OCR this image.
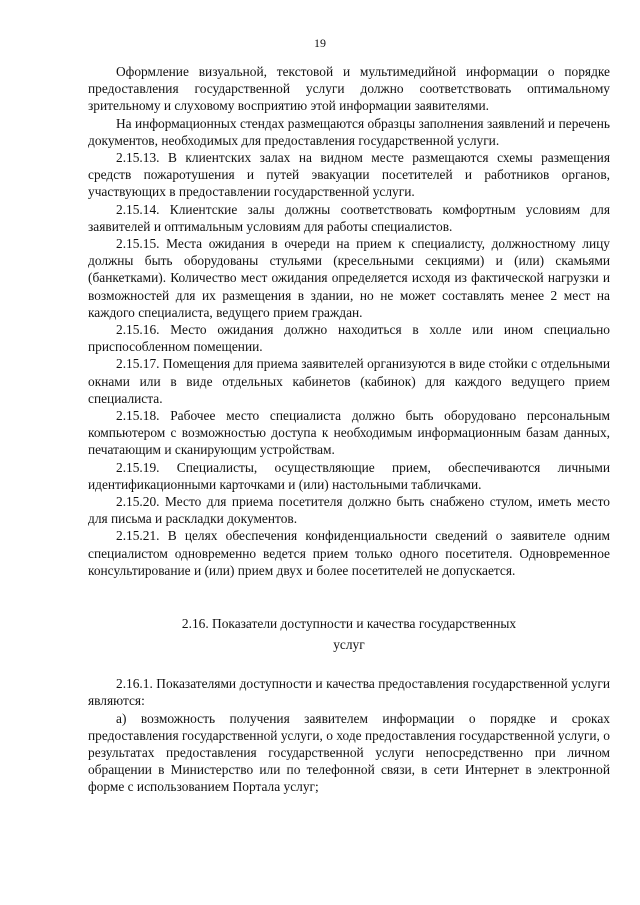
19

Оформление визуальной, текстовой и мультимедийной информации о порядке предоставления государственной услуги должно соответствовать оптимальному зрительному и слуховому восприятию этой информации заявителями.

На информационных стендах размещаются образцы заполнения заявлений и перечень документов, необходимых для предоставления государственной услуги.

2.15.13. В клиентских залах на видном месте размещаются схемы размещения средств пожаротушения и путей эвакуации посетителей и работников органов, участвующих в предоставлении государственной услуги.

2.15.14. Клиентские залы должны соответствовать комфортным условиям для заявителей и оптимальным условиям для работы специалистов.

2.15.15. Места ожидания в очереди на прием к специалисту, должностному лицу должны быть оборудованы стульями (кресельными секциями) и (или) скамьями (банкетками). Количество мест ожидания определяется исходя из фактической нагрузки и возможностей для их размещения в здании, но не может составлять менее 2 мест на каждого специалиста, ведущего прием граждан.

2.15.16. Место ожидания должно находиться в холле или ином специально приспособленном помещении.

2.15.17. Помещения для приема заявителей организуются в виде стойки с отдельными окнами или в виде отдельных кабинетов (кабинок) для каждого ведущего прием специалиста.

2.15.18. Рабочее место специалиста должно быть оборудовано персональным компьютером с возможностью доступа к необходимым информационным базам данных, печатающим и сканирующим устройствам.

2.15.19. Специалисты, осуществляющие прием, обеспечиваются личными идентификационными карточками и (или) настольными табличками.

2.15.20. Место для приема посетителя должно быть снабжено стулом, иметь место для письма и раскладки документов.

2.15.21. В целях обеспечения конфиденциальности сведений о заявителе одним специалистом одновременно ведется прием только одного посетителя. Одновременное консультирование и (или) прием двух и более посетителей не допускается.

2.16. Показатели доступности и качества государственных услуг

2.16.1. Показателями доступности и качества предоставления государственной услуги являются:

а) возможность получения заявителем информации о порядке и сроках предоставления государственной услуги, о ходе предоставления государственной услуги, о результатах предоставления государственной услуги непосредственно при личном обращении в Министерство или по телефонной связи, в сети Интернет в электронной форме с использованием Портала услуг;
